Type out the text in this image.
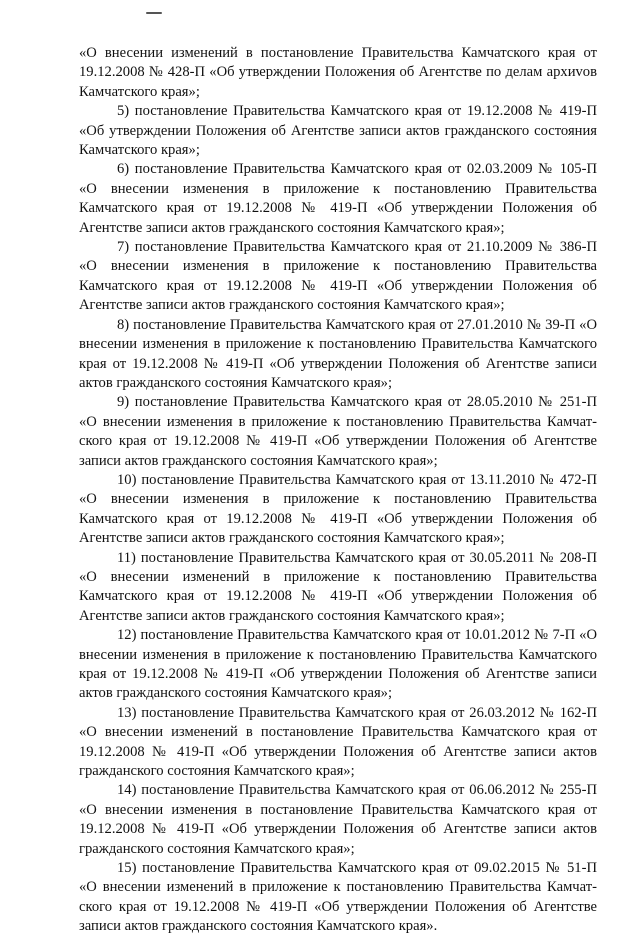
«О внесении изменений в постановление Правительства Камчатского края от 19.12.2008 № 428-П «Об утверждении Положения об Агентстве по делам архиvов Камчатского края»;

5) постановление Правительства Камчатского края от 19.12.2008 № 419-П «Об утверждении Положения об Агентстве записи актов гражданского состояния Камчатского края»;

6) постановление Правительства Камчатского края от 02.03.2009 № 105-П «О внесении изменения в приложение к постановлению Правительства Камчатского края от 19.12.2008 № 419-П «Об утверждении Положения об Агентстве записи актов гражданского состояния Камчатского края»;

7) постановление Правительства Камчатского края от 21.10.2009 № 386-П «О внесении изменения в приложение к постановлению Правительства Камчатского края от 19.12.2008 № 419-П «Об утверждении Положения об Агентстве записи актов гражданского состояния Камчатского края»;

8) постановление Правительства Камчатского края от 27.01.2010 № 39-П «О внесении изменения в приложение к постановлению Правительства Камчатского края от 19.12.2008 № 419-П «Об утверждении Положения об Агентстве записи актов гражданского состояния Камчатского края»;

9) постановление Правительства Камчатского края от 28.05.2010 № 251-П «О внесении изменения в приложение к постановлению Правительства Камчатского края от 19.12.2008 № 419-П «Об утверждении Положения об Агентстве записи актов гражданского состояния Камчатского края»;

10) постановление Правительства Камчатского края от 13.11.2010 № 472-П «О внесении изменения в приложение к постановлению Правительства Камчатского края от 19.12.2008 № 419-П «Об утверждении Положения об Агентстве записи актов гражданского состояния Камчатского края»;

11) постановление Правительства Камчатского края от 30.05.2011 № 208-П «О внесении изменений в приложение к постановлению Правительства Камчатского края от 19.12.2008 № 419-П «Об утверждении Положения об Агентстве записи актов гражданского состояния Камчатского края»;

12) постановление Правительства Камчатского края от 10.01.2012 № 7-П «О внесении изменения в приложение к постановлению Правительства Камчатского края от 19.12.2008 № 419-П «Об утверждении Положения об Агентстве записи актов гражданского состояния Камчатского края»;

13) постановление Правительства Камчатского края от 26.03.2012 № 162-П «О внесении изменений в постановление Правительства Камчатского края от 19.12.2008 № 419-П «Об утверждении Положения об Агентстве записи актов гражданского состояния Камчатского края»;

14) постановление Правительства Камчатского края от 06.06.2012 № 255-П «О внесении изменения в постановление Правительства Камчатского края от 19.12.2008 № 419-П «Об утверждении Положения об Агентстве записи актов гражданского состояния Камчатского края»;

15) постановление Правительства Камчатского края от 09.02.2015 № 51-П «О внесении изменений в приложение к постановлению Правительства Камчатского края от 19.12.2008 № 419-П «Об утверждении Положения об Агентстве записи актов гражданского состояния Камчатского края».
